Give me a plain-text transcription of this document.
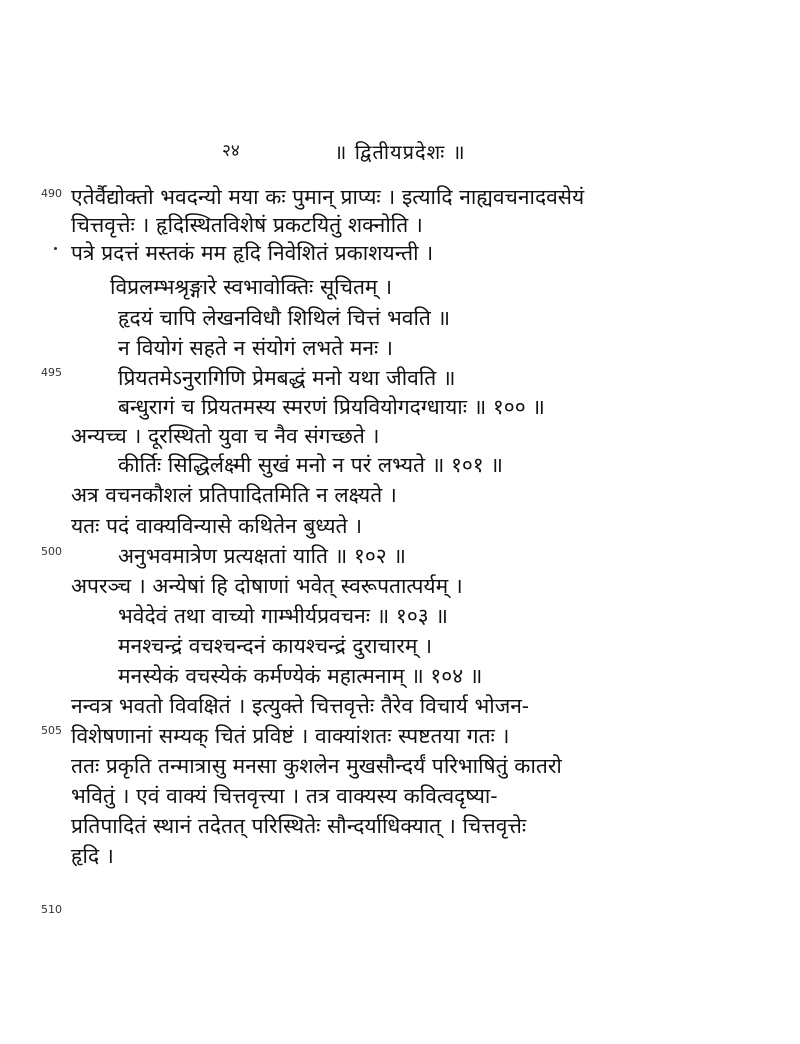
२४	॥ द्विती‌यप्रदेशः ॥
490
495
500
505
510
एतेर्वैद्योक्तो भवदन्यो मया कः पुमान् प्राप्यः । इत्यादि नाह्यवचनादवसेयं
चित्तवृत्तेः । हृदिस्थितविशेषं प्रकटयितुं शक्नोति ।
पत्रे प्रदत्तं मस्तकं मम हृदि निवेशितं प्रकाशयन्ती ।
विप्रलम्भश्रृङ्गारे स्वभावोक्तिः सूचितम् ।
हृदयं चापि लेखनविधौ शिथिलं चित्तं भवति ॥
न वियोगं सहते न संयोगं लभते मनः ।
प्रियतमेऽनुरागिणि प्रेमबद्धं मनो यथा जीवति ॥
बन्धुरागं च प्रियतमस्य स्मरणं प्रियवियोगदग्धायाः ॥ १०० ॥
अन्यच्च । दूरस्थितो युवा च नैव संगच्छते ।
कीर्तिः सिद्धिर्लक्ष्मी सुखं मनो न परं लभ्यते ॥ १०१ ॥
अत्र वचनकौशलं प्रतिपादितमिति न लक्ष्यते ।
यतः पदं वाक्यविन्यासे कथितेन बुध्यते ।
अनुभवमात्रेण प्रत्यक्षतां याति ॥ १०२ ॥
अपरञ्च । अन्येषां हि दोषाणां भवेत् स्वरूपतात्पर्यम् ।
भवेदेवं तथा वाच्यो गाम्भीर्यप्रवचनः ॥ १०३ ॥
मनश्चन्द्रं वचश्चन्दनं कायश्चन्द्रं दुराचारम् ।
मनस्येकं वचस्येकं कर्मण्येकं महात्मनाम् ॥ १०४ ॥
नन्वत्र भवतो विवक्षितं । इत्युक्ते चित्तवृत्तेः तैरेव विचार्य भोजन-
विशेषणानां सम्यक् चितं प्रविष्टं । वाक्यांशतः स्पष्टतया गतः ।
ततः प्रकृति तन्मात्रासु मनसा कुशलेन मुखसौन्दर्यं परिभाषितुं कातरो
भवितुं । एवं वाक्यं चित्तवृत्त्या । तत्र वाक्यस्य कवित्वदृष्या-
प्रतिपादितं स्थानं तदेतत् परिस्थितेः सौन्दर्याधिक्यात् । चित्तवृत्तेः
हृदि ।
